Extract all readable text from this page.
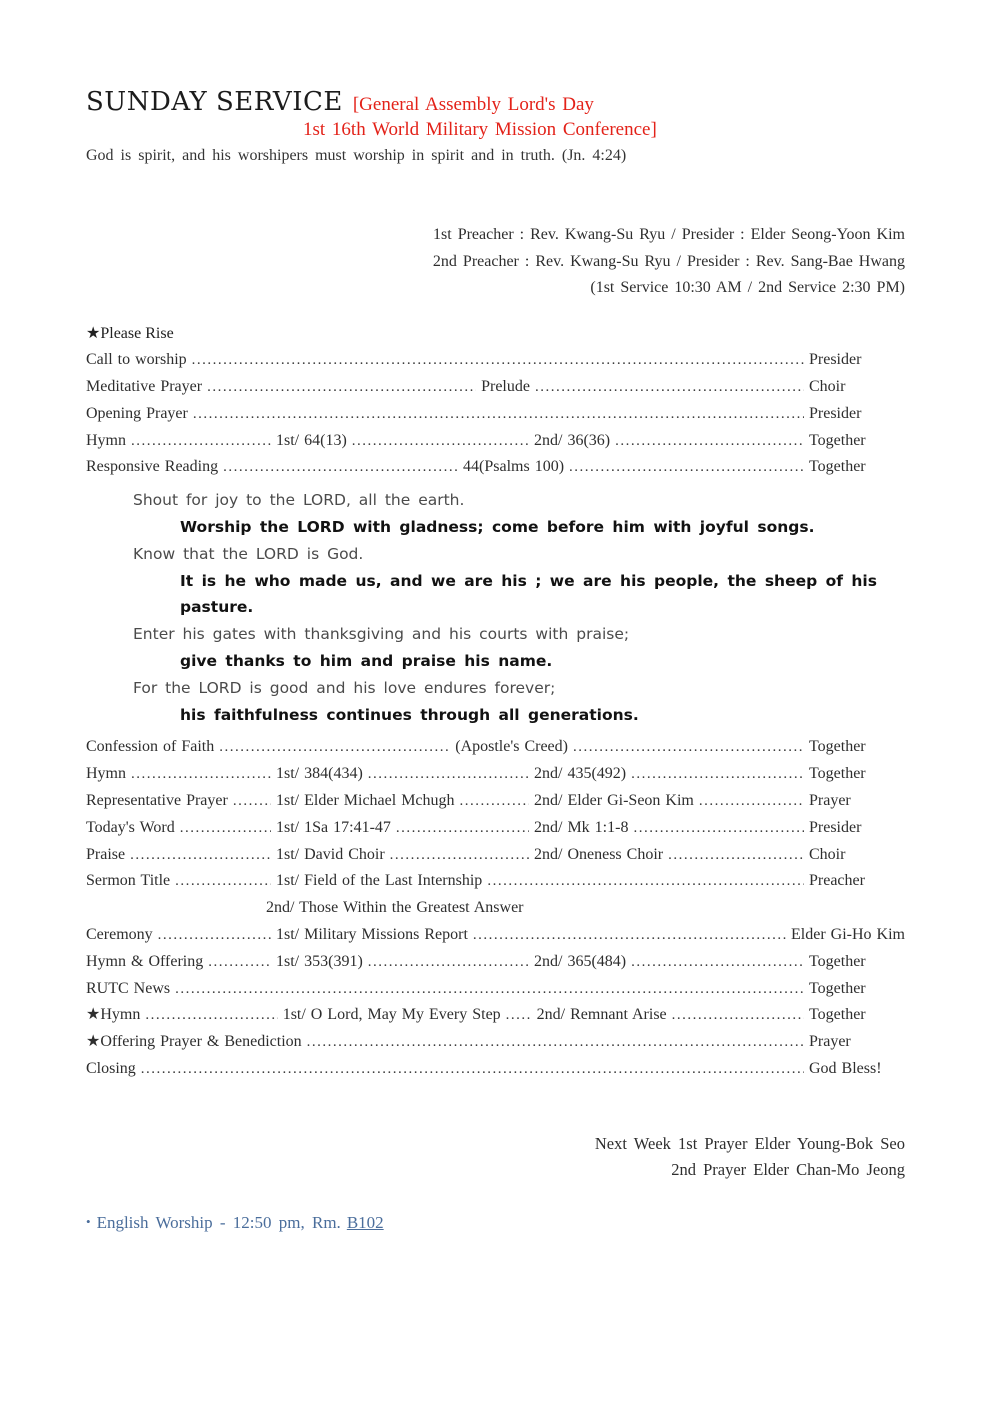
SUNDAY SERVICE [General Assembly Lord's Day
1st 16th World Military Mission Conference]
God is spirit, and his worshipers must worship in spirit and in truth. (Jn. 4:24)
1st Preacher : Rev. Kwang-Su Ryu / Presider : Elder Seong-Yoon Kim
2nd Preacher : Rev. Kwang-Su Ryu / Presider : Rev. Sang-Bae Hwang
(1st Service 10:30 AM / 2nd Service 2:30 PM)
★Please Rise
Call to worship .....	Presider
Meditative Prayer .....	Prelude .....	Choir
Opening Prayer .....	Presider
Hymn .....	1st/ 64(13) .....	2nd/ 36(36) .....	Together
Responsive Reading .....	44(Psalms 100) .....	Together
Shout for joy to the LORD, all the earth.
Worship the LORD with gladness; come before him with joyful songs.
Know that the LORD is God.
It is he who made us, and we are his ; we are his people, the sheep of his pasture.
Enter his gates with thanksgiving and his courts with praise;
give thanks to him and praise his name.
For the LORD is good and his love endures forever;
his faithfulness continues through all generations.
Confession of Faith .....	(Apostle's Creed) .....	Together
Hymn .....	1st/ 384(434) .....	2nd/ 435(492) .....	Together
Representative Prayer .....	1st/ Elder Michael Mchugh .....	2nd/ Elder Gi-Seon Kim .....	Prayer
Today's Word .....	1st/ 1Sa 17:41-47 .....	2nd/ Mk 1:1-8 .....	Presider
Praise .....	1st/ David Choir .....	2nd/ Oneness Choir .....	Choir
Sermon Title .....	1st/ Field of the Last Internship .....	Preacher
2nd/ Those Within the Greatest Answer
Ceremony .....	1st/ Military Missions Report .....	Elder Gi-Ho Kim
Hymn & Offering .....	1st/ 353(391) .....	2nd/ 365(484) .....	Together
RUTC News .....	Together
★Hymn .....	1st/ O Lord, May My Every Step ..... 2nd/ Remnant Arise .....	Together
★Offering Prayer & Benediction .....	Prayer
Closing .....	God Bless!
Next Week 1st Prayer Elder Young-Bok Seo
2nd Prayer Elder Chan-Mo Jeong
• English Worship - 12:50 pm, Rm. B102
